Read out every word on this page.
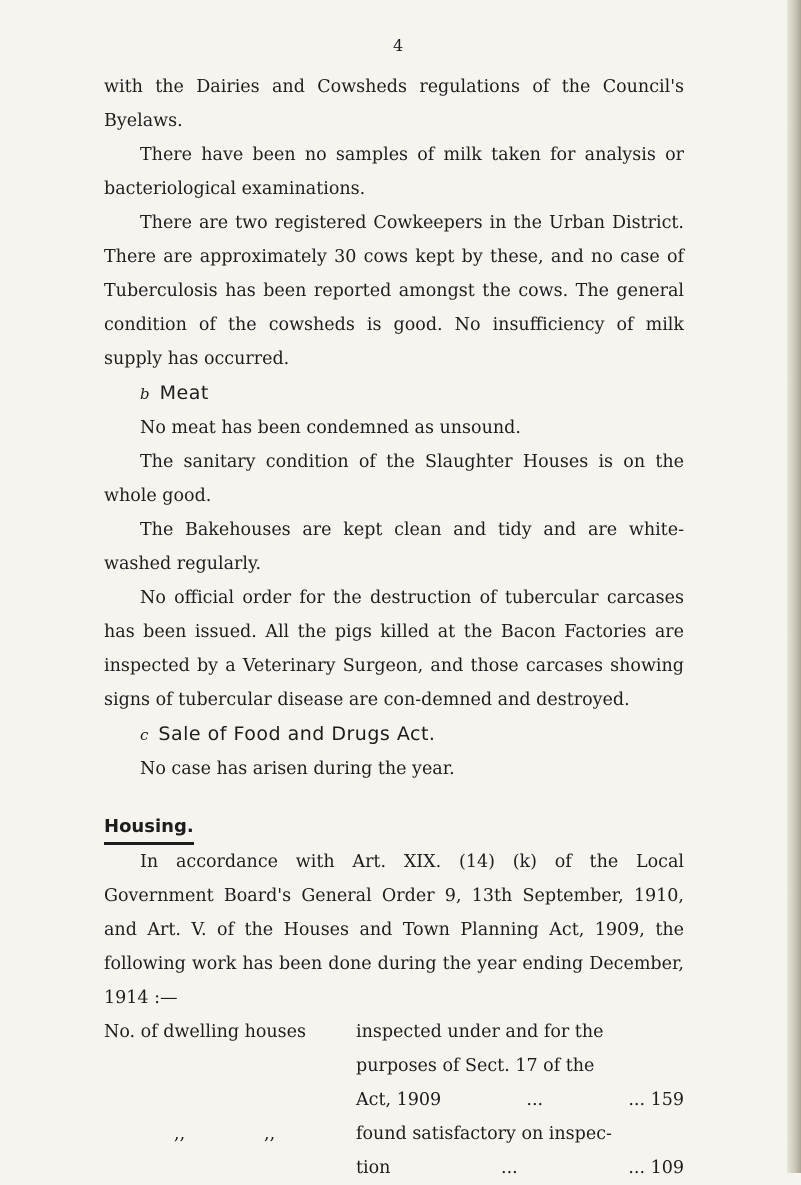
4

with the Dairies and Cowsheds regulations of the Council's Byelaws.

There have been no samples of milk taken for analysis or bacteriological examinations.

There are two registered Cowkeepers in the Urban District. There are approximately 30 cows kept by these, and no case of Tuberculosis has been reported amongst the cows. The general condition of the cowsheds is good. No insufficiency of milk supply has occurred.

b Meat

No meat has been condemned as unsound.

The sanitary condition of the Slaughter Houses is on the whole good.

The Bakehouses are kept clean and tidy and are white-washed regularly.

No official order for the destruction of tubercular carcases has been issued. All the pigs killed at the Bacon Factories are inspected by a Veterinary Surgeon, and those carcases showing signs of tubercular disease are con-demned and destroyed.

c Sale of Food and Drugs Act.

No case has arisen during the year.

Housing.

In accordance with Art. XIX. (14) (k) of the Local Government Board's General Order 9, 13th September, 1910, and Art. V. of the Houses and Town Planning Act, 1909, the following work has been done during the year ending December, 1914 :—

No. of dwelling houses	inspected under and for the
purposes of Sect. 17 of the
Act, 1909	...	... 159
,,	,,	found satisfactory on inspec-
tion	...	... 109
